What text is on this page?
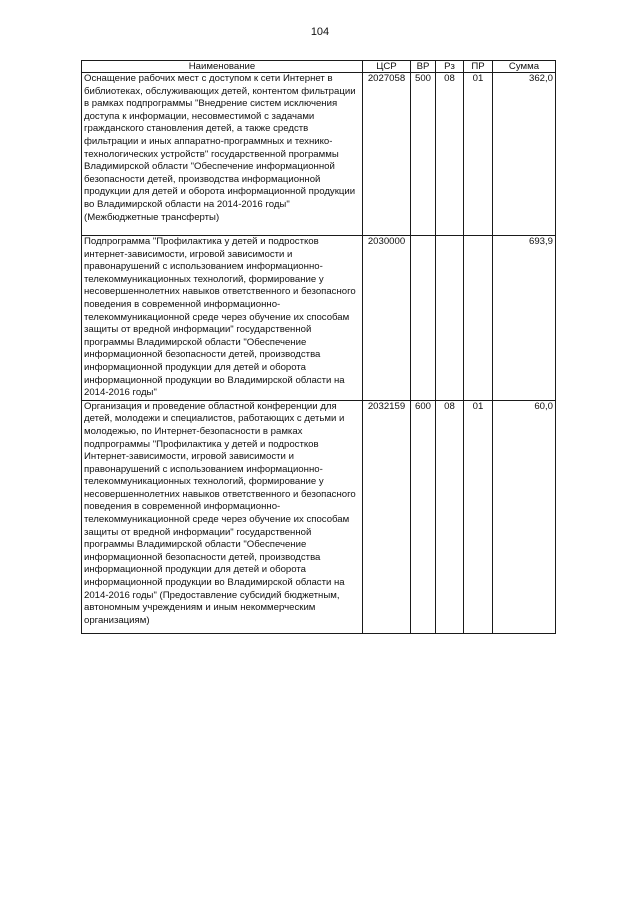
104
Наименование	ЦСР	ВР	Рз	ПР	Сумма
Оснащение рабочих мест с доступом к сети Интернет в библиотеках, обслуживающих детей, контентом фильтрации в рамках подпрограммы "Внедрение систем исключения доступа к информации, несовместимой с задачами гражданского становления детей, а также средств фильтрации и иных аппаратно-программных и технико-технологических устройств" государственной программы Владимирской области "Обеспечение информационной безопасности детей, производства информационной продукции для детей и оборота информационной продукции во Владимирской области на 2014-2016 годы" (Межбюджетные трансферты)	2027058	500	08	01	362,0
Подпрограмма "Профилактика у детей и подростков интернет-зависимости, игровой зависимости и правонарушений с использованием информационно-телекоммуникационных технологий, формирование у несовершеннолетних навыков ответственного и безопасного поведения в современной информационно-телекоммуникационной среде через обучение их способам защиты от вредной информации" государственной программы Владимирской области "Обеспечение информационной безопасности детей, производства информационной продукции для детей и оборота информационной продукции во Владимирской области на 2014-2016 годы"	2030000				693,9
Организация и проведение областной конференции для детей, молодежи и специалистов, работающих с детьми и молодежью, по Интернет-безопасности в рамках подпрограммы "Профилактика у детей и подростков Интернет-зависимости, игровой зависимости и правонарушений с использованием информационно-телекоммуникационных технологий, формирование у несовершеннолетних навыков ответственного и безопасного поведения в современной информационно-телекоммуникационной среде через обучение их способам защиты от вредной информации" государственной программы Владимирской области "Обеспечение информационной безопасности детей, производства информационной продукции для детей и оборота информационной продукции во Владимирской области на 2014-2016 годы" (Предоставление субсидий бюджетным, автономным учреждениям и иным некоммерческим организациям)	2032159	600	08	01	60,0
